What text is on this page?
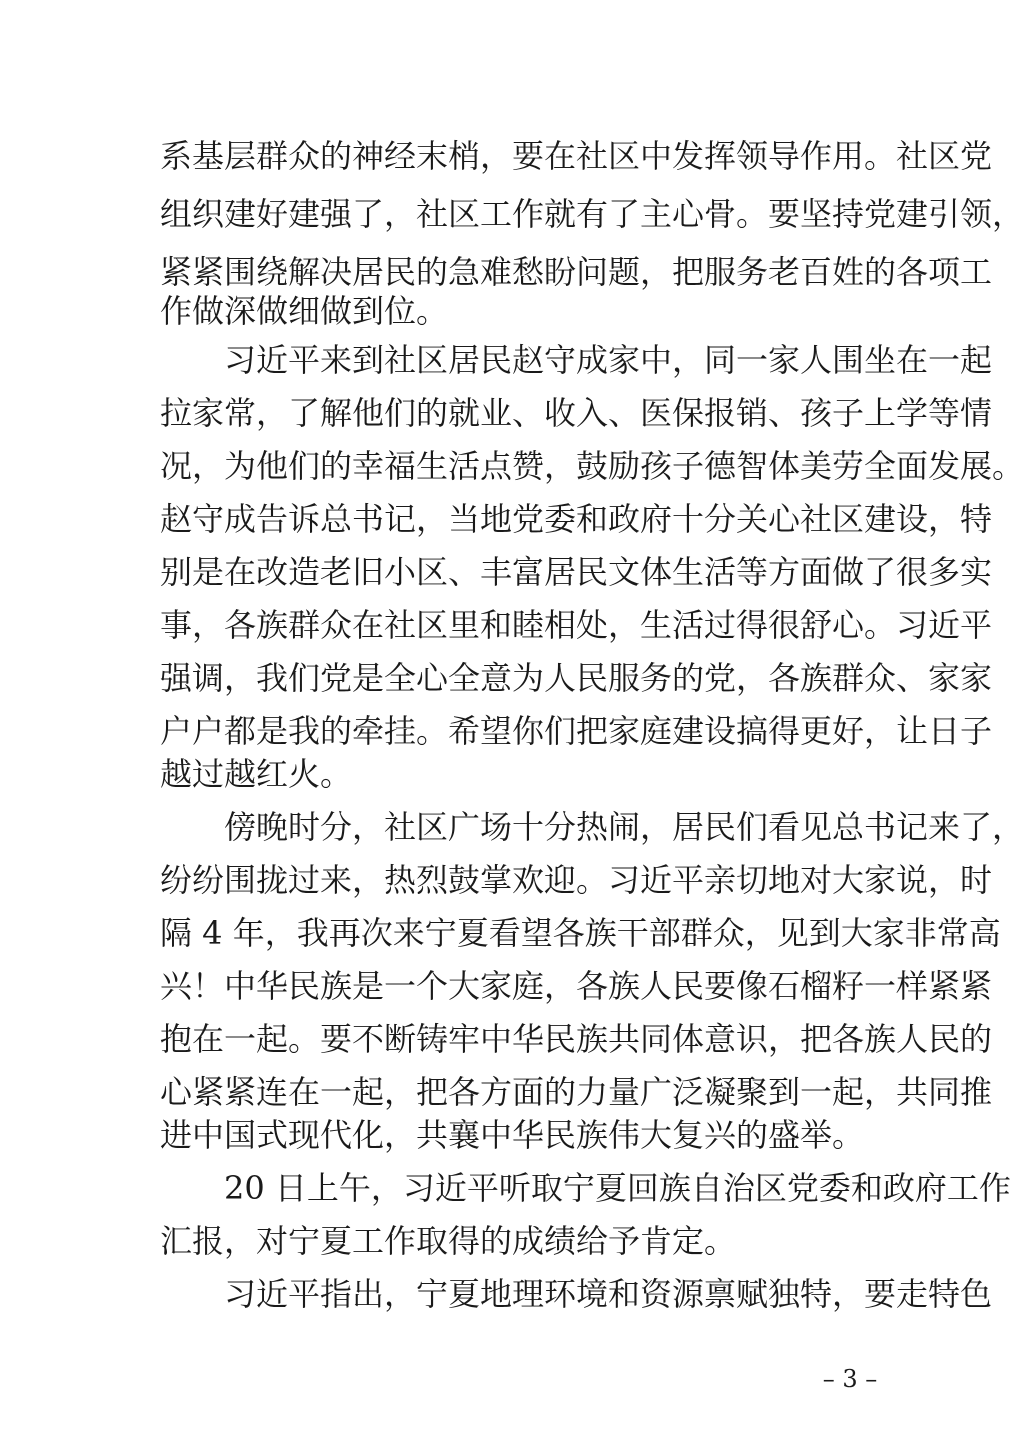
系基层群众的神经末梢，要在社区中发挥领导作用。社区党
组织建好建强了，社区工作就有了主心骨。要坚持党建引领，
紧紧围绕解决居民的急难愁盼问题，把服务老百姓的各项工
作做深做细做到位。
习近平来到社区居民赵守成家中，同一家人围坐在一起
拉家常，了解他们的就业、收入、医保报销、孩子上学等情
况，为他们的幸福生活点赞，鼓励孩子德智体美劳全面发展。
赵守成告诉总书记，当地党委和政府十分关心社区建设，特
别是在改造老旧小区、丰富居民文体生活等方面做了很多实
事，各族群众在社区里和睦相处，生活过得很舒心。习近平
强调，我们党是全心全意为人民服务的党，各族群众、家家
户户都是我的牵挂。希望你们把家庭建设搞得更好，让日子
越过越红火。
傍晚时分，社区广场十分热闹，居民们看见总书记来了，
纷纷围拢过来，热烈鼓掌欢迎。习近平亲切地对大家说，时
隔 4 年，我再次来宁夏看望各族干部群众，见到大家非常高
兴！中华民族是一个大家庭，各族人民要像石榴籽一样紧紧
抱在一起。要不断铸牢中华民族共同体意识，把各族人民的
心紧紧连在一起，把各方面的力量广泛凝聚到一起，共同推
进中国式现代化，共襄中华民族伟大复兴的盛举。
20 日上午，习近平听取宁夏回族自治区党委和政府工作
汇报，对宁夏工作取得的成绩给予肯定。
习近平指出，宁夏地理环境和资源禀赋独特，要走特色
– 3 –
